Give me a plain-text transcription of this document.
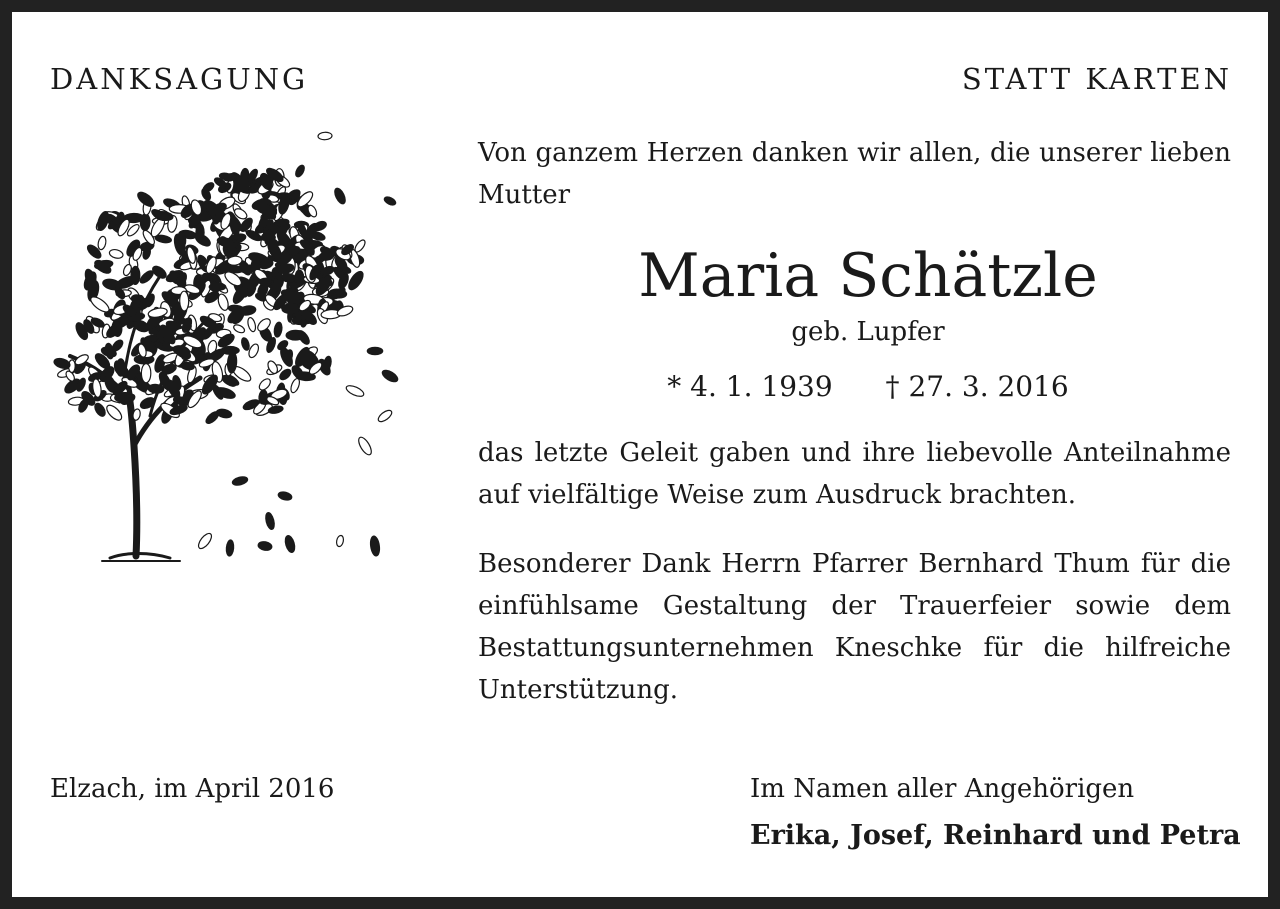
DANKSAGUNG	STATT KARTEN

Von ganzem Herzen danken wir allen, die unserer lieben Mutter

Maria Schätzle
geb. Lupfer
* 4. 1. 1939 † 27. 3. 2016

das letzte Geleit gaben und ihre liebevolle Anteilnahme auf vielfältige Weise zum Ausdruck brachten.

Besonderer Dank Herrn Pfarrer Bernhard Thum für die einfühlsame Gestaltung der Trauerfeier sowie dem Bestattungsunternehmen Kneschke für die hilfreiche Unterstützung.

Elzach, im April 2016	Im Namen aller Angehörigen
Erika, Josef, Reinhard und Petra
